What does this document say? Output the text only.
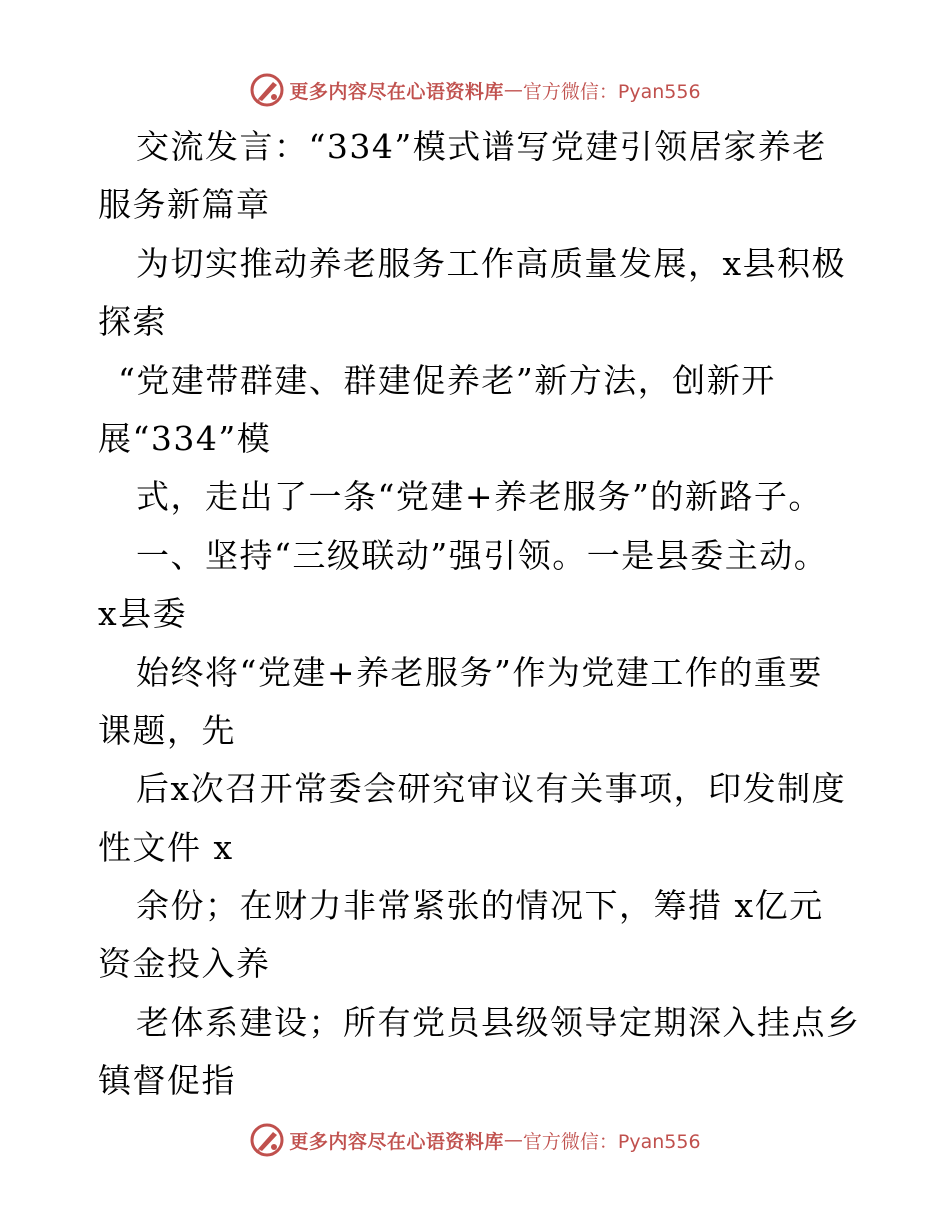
更多内容尽在心语资料库 — 官方微信：Pyan556
交流发言：“334”模式谱写党建引领居家养老
服务新篇章
为切实推动养老服务工作高质量发展，x县积极
探索
“党建带群建、群建促养老”新方法，创新开
展“334”模
式，走出了一条“党建+养老服务”的新路子。
一、坚持“三级联动”强引领。一是县委主动。
x县委
始终将“党建+养老服务”作为党建工作的重要
课题，先
后x次召开常委会研究审议有关事项，印发制度
性文件 x
余份；在财力非常紧张的情况下，筹措 x亿元
资金投入养
老体系建设；所有党员县级领导定期深入挂点乡
镇督促指
更多内容尽在心语资料库 — 官方微信：Pyan556
